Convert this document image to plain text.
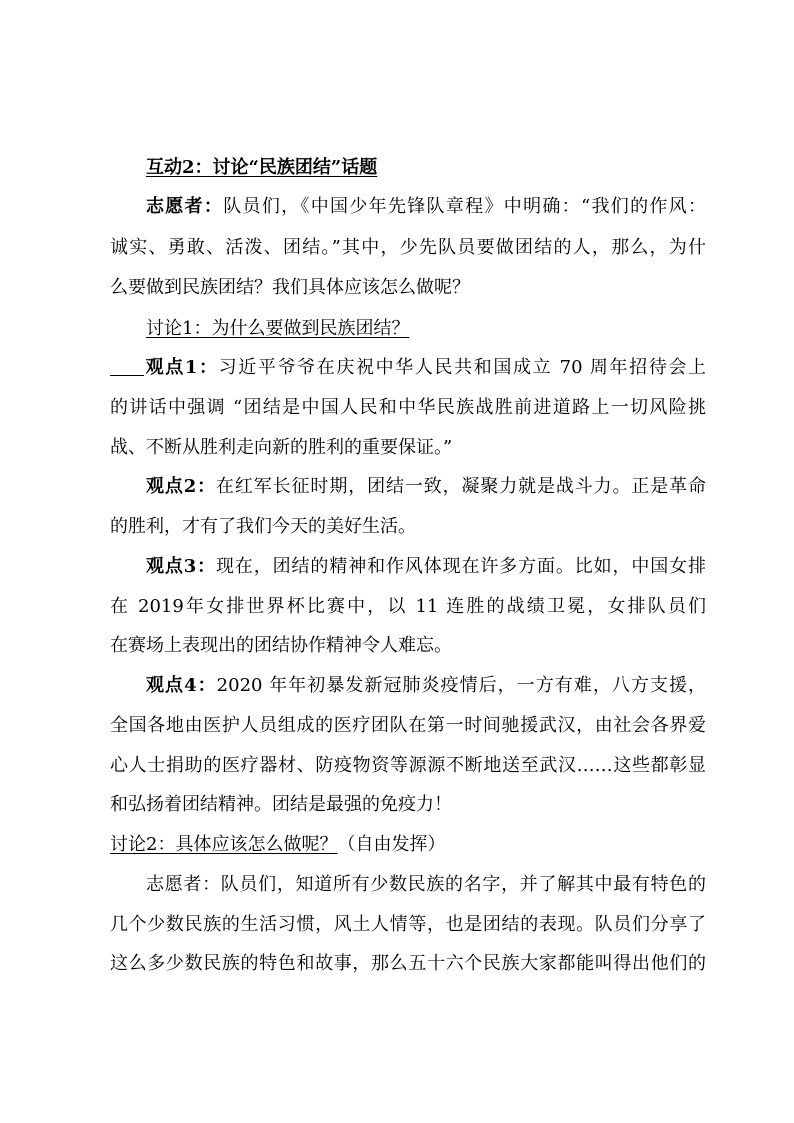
互动2：讨论“民族团结”话题
志愿者：队员们，《中国少年先锋队章程》中明确：“我们的作风：
诚实、勇敢、活泼、团结。”其中，少先队员要做团结的人，那么，为什
么要做到民族团结？我们具体应该怎么做呢？
讨论1：为什么要做到民族团结？
观点1：习近平爷爷在庆祝中华人民共和国成立 70 周年招待会上
的讲话中强调 “团结是中国人民和中华民族战胜前进道路上一切风险挑
战、不断从胜利走向新的胜利的重要保证。”
观点2：在红军长征时期，团结一致，凝聚力就是战斗力。正是革命
的胜利，才有了我们今天的美好生活。
观点3：现在，团结的精神和作风体现在许多方面。比如，中国女排
在 2019年女排世界杯比赛中，以 11 连胜的战绩卫冕，女排队员们
在赛场上表现出的团结协作精神令人难忘。
观点4：2020 年年初暴发新冠肺炎疫情后，一方有难，八方支援，
全国各地由医护人员组成的医疗团队在第一时间驰援武汉，由社会各界爱
心人士捐助的医疗器材、防疫物资等源源不断地送至武汉……这些都彰显
和弘扬着团结精神。团结是最强的免疫力！
讨论2：具体应该怎么做呢？（自由发挥）
志愿者：队员们，知道所有少数民族的名字，并了解其中最有特色的
几个少数民族的生活习惯，风土人情等，也是团结的表现。队员们分享了
这么多少数民族的特色和故事，那么五十六个民族大家都能叫得出他们的
